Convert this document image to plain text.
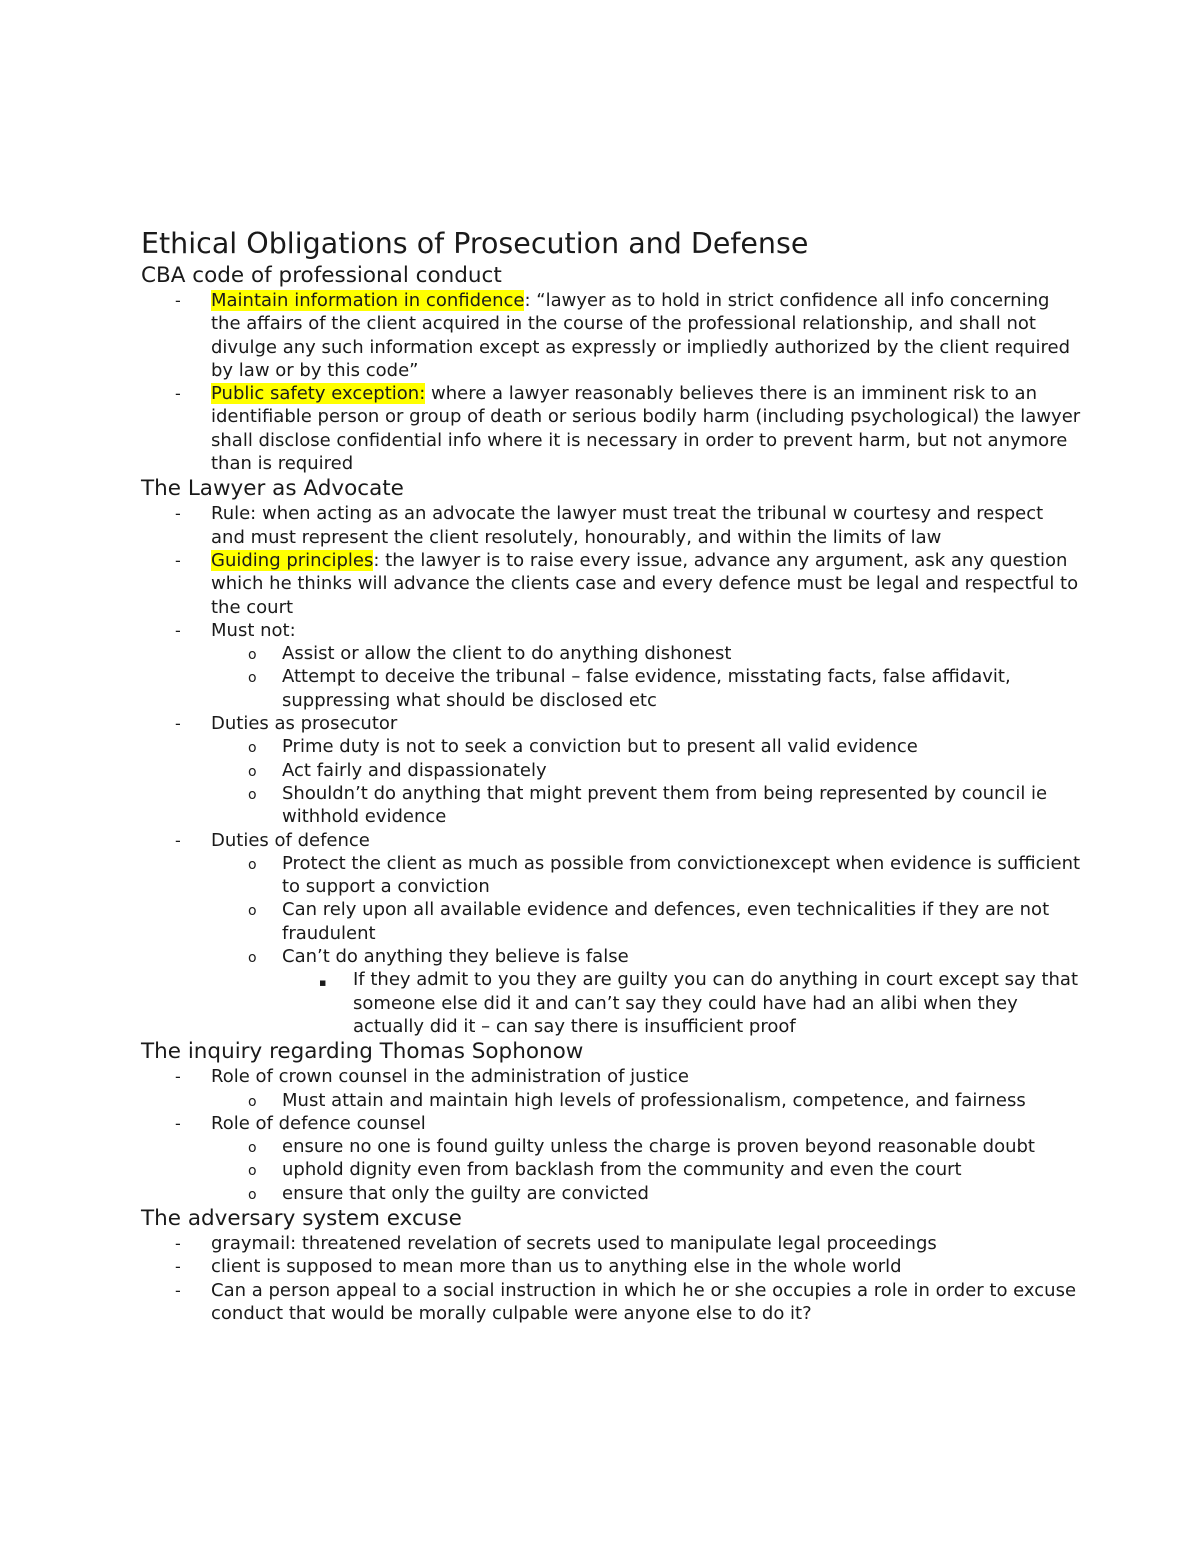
Ethical Obligations of Prosecution and Defense
CBA code of professional conduct
- Maintain information in confidence: “lawyer as to hold in strict confidence all info concerning the affairs of the client acquired in the course of the professional relationship, and shall not divulge any such information except as expressly or impliedly authorized by the client required by law or by this code”
- Public safety exception: where a lawyer reasonably believes there is an imminent risk to an identifiable person or group of death or serious bodily harm (including psychological) the lawyer shall disclose confidential info where it is necessary in order to prevent harm, but not anymore than is required
The Lawyer as Advocate
- Rule: when acting as an advocate the lawyer must treat the tribunal w courtesy and respect and must represent the client resolutely, honourably, and within the limits of law
- Guiding principles: the lawyer is to raise every issue, advance any argument, ask any question which he thinks will advance the clients case and every defence must be legal and respectful to the court
- Must not:
o Assist or allow the client to do anything dishonest
o Attempt to deceive the tribunal – false evidence, misstating facts, false affidavit, suppressing what should be disclosed etc
- Duties as prosecutor
o Prime duty is not to seek a conviction but to present all valid evidence
o Act fairly and dispassionately
o Shouldn’t do anything that might prevent them from being represented by council ie withhold evidence
- Duties of defence
o Protect the client as much as possible from convictionexcept when evidence is sufficient to support a conviction
o Can rely upon all available evidence and defences, even technicalities if they are not fraudulent
o Can’t do anything they believe is false
▪ If they admit to you they are guilty you can do anything in court except say that someone else did it and can’t say they could have had an alibi when they actually did it – can say there is insufficient proof
The inquiry regarding Thomas Sophonow
- Role of crown counsel in the administration of justice
o Must attain and maintain high levels of professionalism, competence, and fairness
- Role of defence counsel
o ensure no one is found guilty unless the charge is proven beyond reasonable doubt
o uphold dignity even from backlash from the community and even the court
o ensure that only the guilty are convicted
The adversary system excuse
- graymail: threatened revelation of secrets used to manipulate legal proceedings
- client is supposed to mean more than us to anything else in the whole world
- Can a person appeal to a social instruction in which he or she occupies a role in order to excuse conduct that would be morally culpable were anyone else to do it?
